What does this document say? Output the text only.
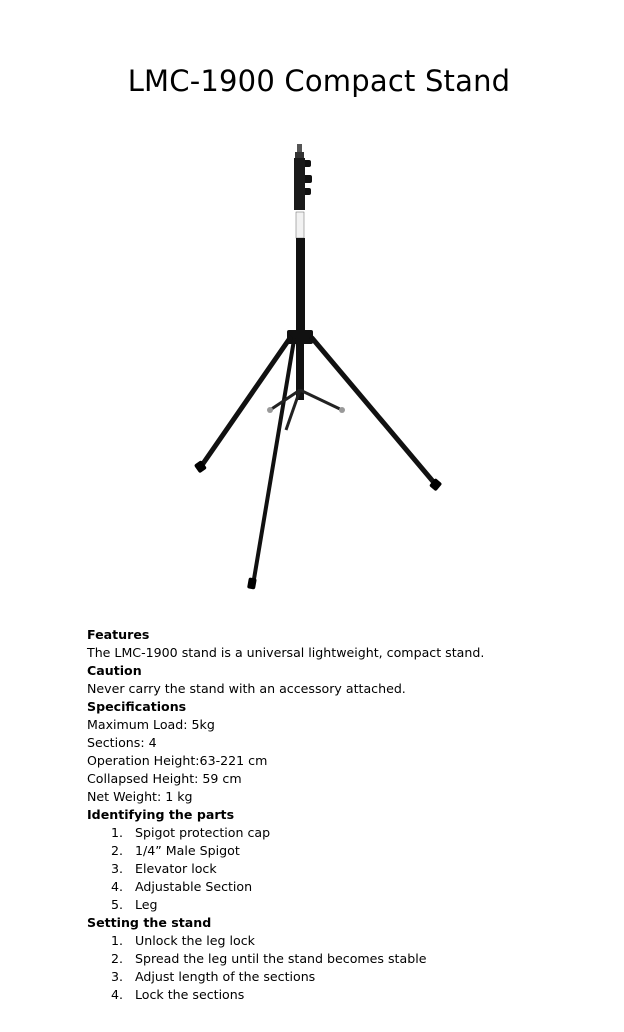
LMC-1900 Compact Stand
Features

The LMC-1900 stand is a universal lightweight, compact stand.

Caution

Never carry the stand with an accessory attached.

Specifications

Maximum Load: 5kg

Sections: 4

Operation Height:63-221 cm

Collapsed Height: 59 cm

Net Weight: 1 kg

Identifying the parts
1. Spigot protection cap
2. 1/4” Male Spigot
3. Elevator lock
4. Adjustable Section
5. Leg
Setting the stand
1. Unlock the leg lock
2. Spread the leg until the stand becomes stable
3. Adjust length of the sections
4. Lock the sections
